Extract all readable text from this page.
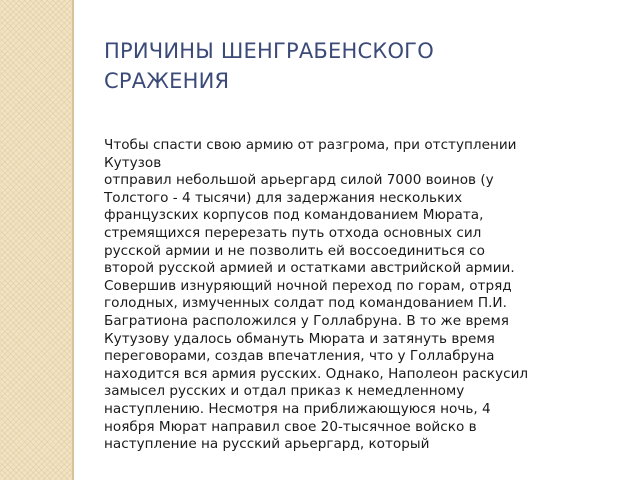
ПРИЧИНЫ ШЕНГРАБЕНСКОГО
СРАЖЕНИЯ
Чтобы спасти свою армию от разгрома, при отступлении
Кутузов
отправил небольшой арьергард силой 7000 воинов (у
Толстого - 4 тысячи) для задержания нескольких
французских корпусов под командованием Мюрата,
стремящихся перерезать путь отхода основных сил
русской армии и не позволить ей воссоединиться со
второй русской армией и остатками австрийской армии.
Совершив изнуряющий ночной переход по горам, отряд
голодных, измученных солдат под командованием П.И.
Багратиона расположился у Голлабруна. В то же время
Кутузову удалось обмануть Мюрата и затянуть время
переговорами, создав впечатления, что у Голлабруна
находится вся армия русских. Однако, Наполеон раскусил
замысел русских и отдал приказ к немедленному
наступлению. Несмотря на приближающуюся ночь, 4
ноября Мюрат направил свое 20-тысячное войско в
наступление на русский арьергард, который
